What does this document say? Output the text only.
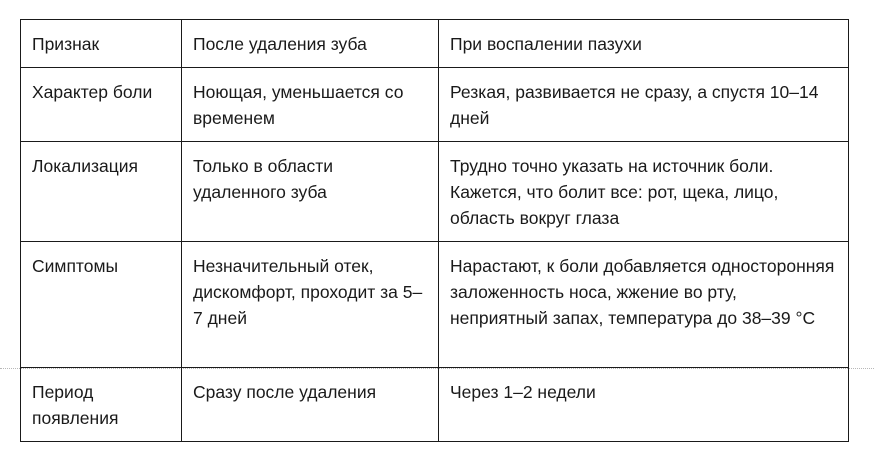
Признак	После удаления зуба	При воспалении пазухи
Характер боли	Ноющая, уменьшается со временем	Резкая, развивается не сразу, а спустя 10–14 дней
Локализация	Только в области удаленного зуба	Трудно точно указать на источник боли. Кажется, что болит все: рот, щека, лицо, область вокруг глаза
Симптомы	Незначительный отек, дискомфорт, проходит за 5–7 дней	Нарастают, к боли добавляется односторонняя заложенность носа, жжение во рту, неприятный запах, температура до 38–39 °C
Период появления	Сразу после удаления	Через 1–2 недели
